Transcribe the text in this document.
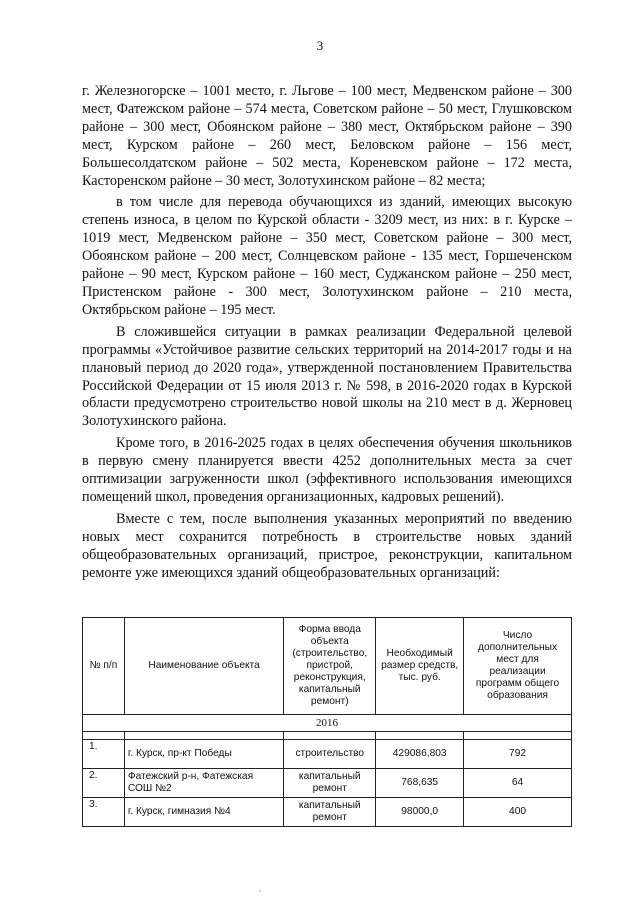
3

г. Железногорске – 1001 место, г. Льгове – 100 мест, Медвенском районе – 300 мест, Фатежском районе – 574 места, Советском районе – 50 мест, Глушковском районе – 300 мест, Обоянском районе – 380 мест, Октябрьском районе – 390 мест, Курском районе – 260 мест, Беловском районе – 156 мест, Большесолдатском районе – 502 места, Кореневском районе – 172 места, Касторенском районе – 30 мест, Золотухинском районе – 82 места;

в том числе для перевода обучающихся из зданий, имеющих высокую степень износа, в целом по Курской области - 3209 мест, из них: в г. Курске – 1019 мест, Медвенском районе – 350 мест, Советском районе – 300 мест, Обоянском районе – 200 мест, Солнцевском районе - 135 мест, Горшеченском районе – 90 мест, Курском районе – 160 мест, Суджанском районе – 250 мест, Пристенском районе - 300 мест, Золотухинском районе – 210 места, Октябрьском районе – 195 мест.

В сложившейся ситуации в рамках реализации Федеральной целевой программы «Устойчивое развитие сельских территорий на 2014-2017 годы и на плановый период до 2020 года», утвержденной постановлением Правительства Российской Федерации от 15 июля 2013 г. № 598, в 2016-2020 годах в Курской области предусмотрено строительство новой школы на 210 мест в д. Жерновец Золотухинского района.

Кроме того, в 2016-2025 годах в целях обеспечения обучения школьников в первую смену планируется ввести 4252 дополнительных места за счет оптимизации загруженности школ (эффективного использования имеющихся помещений школ, проведения организационных, кадровых решений).

Вместе с тем, после выполнения указанных мероприятий по введению новых мест сохранится потребность в строительстве новых зданий общеобразовательных организаций, пристрое, реконструкции, капитальном ремонте уже имеющихся зданий общеобразовательных организаций:

№ п/п	Наименование объекта	Форма ввода объекта (строительство, пристрой, реконструкция, капитальный ремонт)	Необходимый размер средств, тыс. руб.	Число дополнительных мест для реализации программ общего образования
2016				

1.	г. Курск, пр-кт Победы	строительство	429086,803	792
2.	Фатежский р-н, Фатежская СОШ №2	капитальный ремонт	768,635	64
3.	г. Курск, гимназия №4	капитальный ремонт	98000,0	400
,
